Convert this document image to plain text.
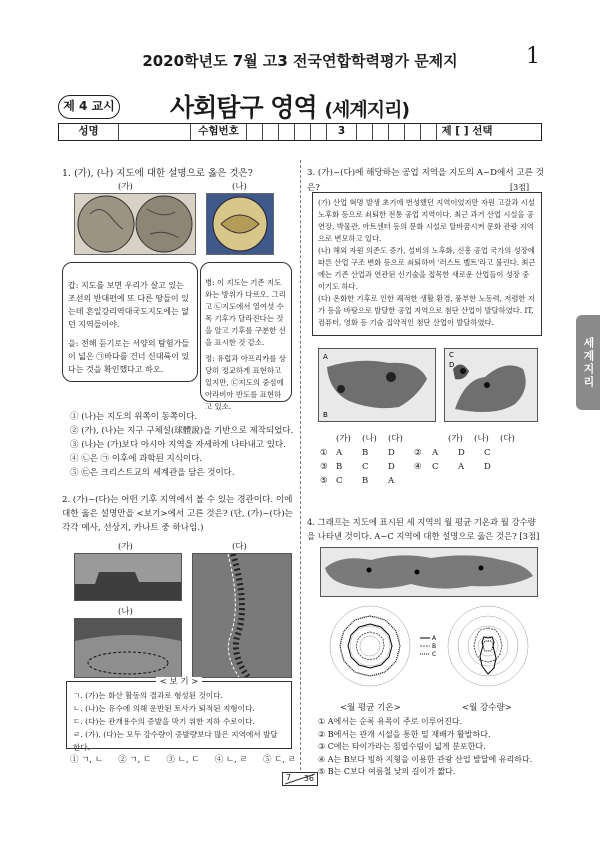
2020학년도 7월 고3 전국연합학력평가 문제지	1
제 4 교시 사회탐구 영역 (세계지리)
성명	수험번호	3	제 [ ] 선택
세계지리
1. (가), (나) 지도에 대한 설명으로 옳은 것은?
(가)	(나)
갑: 지도를 보면 우리가 살고 있는 조선의 반대편에 또 다른 땅들이 있는데 혼일강리역대국도지도에는 없던 지역들이야.
을: 전해 듣기로는 서양의 탐험가들이 넓은 ㉠바다를 건너 신대륙이 있다는 것을 확인했다고 하오.
병: 이 지도는 기존 지도와는 방위가 다르오. 그리고 ㉡지도에서 열여섯 수목 기후가 달라진다는 것을 알고 기후를 구분한 선을 표시한 것 같소.
정: 유럽과 아프리카를 상당히 정교하게 표현하고 있지만, ㉢지도의 중심에 아라비아 반도를 표현하고 있소.
① (나)는 지도의 위쪽이 동쪽이다.
② (가), (나)는 지구 구체설(球體說)을 기반으로 제작되었다.
③ (나)는 (가)보다 아시아 지역을 자세하게 나타내고 있다.
④ ㉡은 ㉠ 이후에 과학된 지식이다.
⑤ ㉢은 크리스트교의 세계관을 담은 것이다.
2. (가)~(다)는 어떤 기후 지역에서 볼 수 있는 경관이다. 이에 대한 옳은 설명만을 <보기>에서 고른 것은? (단, (가)~(다)는 각각 메사, 선상지, 카나트 중 하나임.)
(가)	(다)
(나)
< 보 기 >
ㄱ. (가)는 화산 활동의 결과로 형성된 것이다.
ㄴ. (나)는 유수에 의해 운반된 토사가 퇴적된 지형이다.
ㄷ. (다)는 관개용수의 증발을 막기 위한 지하 수로이다.
ㄹ. (가), (다)는 모두 강수량이 증발량보다 많은 지역에서 발달한다.
① ㄱ, ㄴ ② ㄱ, ㄷ ③ ㄴ, ㄷ ④ ㄴ, ㄹ ⑤ ㄷ, ㄹ
3. (가)~(다)에 해당하는 공업 지역을 지도의 A~D에서 고른 것은?	[3점]
(가) 산업 혁명 발생 초기에 번성했던 지역이었지만 자원 고갈과 시설 노후화 등으로 쇠퇴한 전통 공업 지역이다. 최근 과거 산업 시설을 공연장, 박물관, 아트센터 등의 문화 시설로 탈바꿈시켜 문화 관광 지역으로 변모하고 있다.
(나) 해외 자원 의존도 증가, 설비의 노후화, 신흥 공업 국가의 성장에 따른 산업 구조 변화 등으로 쇠퇴하여 '러스트 벨트'라고 불린다. 최근에는 기존 산업과 연관된 신기술을 접목한 새로운 산업들이 성장 중이기도 하다.
(다) 온화한 기후로 인한 쾌적한 생활 환경, 풍부한 노동력, 저렴한 지가 등을 바탕으로 발달한 공업 지역으로 첨단 산업이 발달하였다. IT, 컴퓨터, 영화 등 기술 집약적인 첨단 산업이 발달하였다.
A
B
C
D
(가)	(나)	(다)	(가)	(나)	(다)
① A	B	D	②	A	D	C
③ B	C	D	④	C	A	D
⑤ C	B	A
4. 그래프는 지도에 표시된 세 지역의 월 평균 기온과 월 강수량을 나타낸 것이다. A~C 지역에 대한 설명으로 옳은 것은? [3점]
A
B
C
<월 평균 기온>	<월 강수량>
① A에서는 순록 유목이 주로 이루어진다.
② B에서는 관개 시설을 통한 밀 재배가 활발하다.
③ C에는 타이가라는 침엽수림이 넓게 분포한다.
④ A는 B보다 빙하 지형을 이용한 관광 산업 발달에 유리하다.
⑤ B는 C보다 여름철 낮의 길이가 짧다.
7 36
